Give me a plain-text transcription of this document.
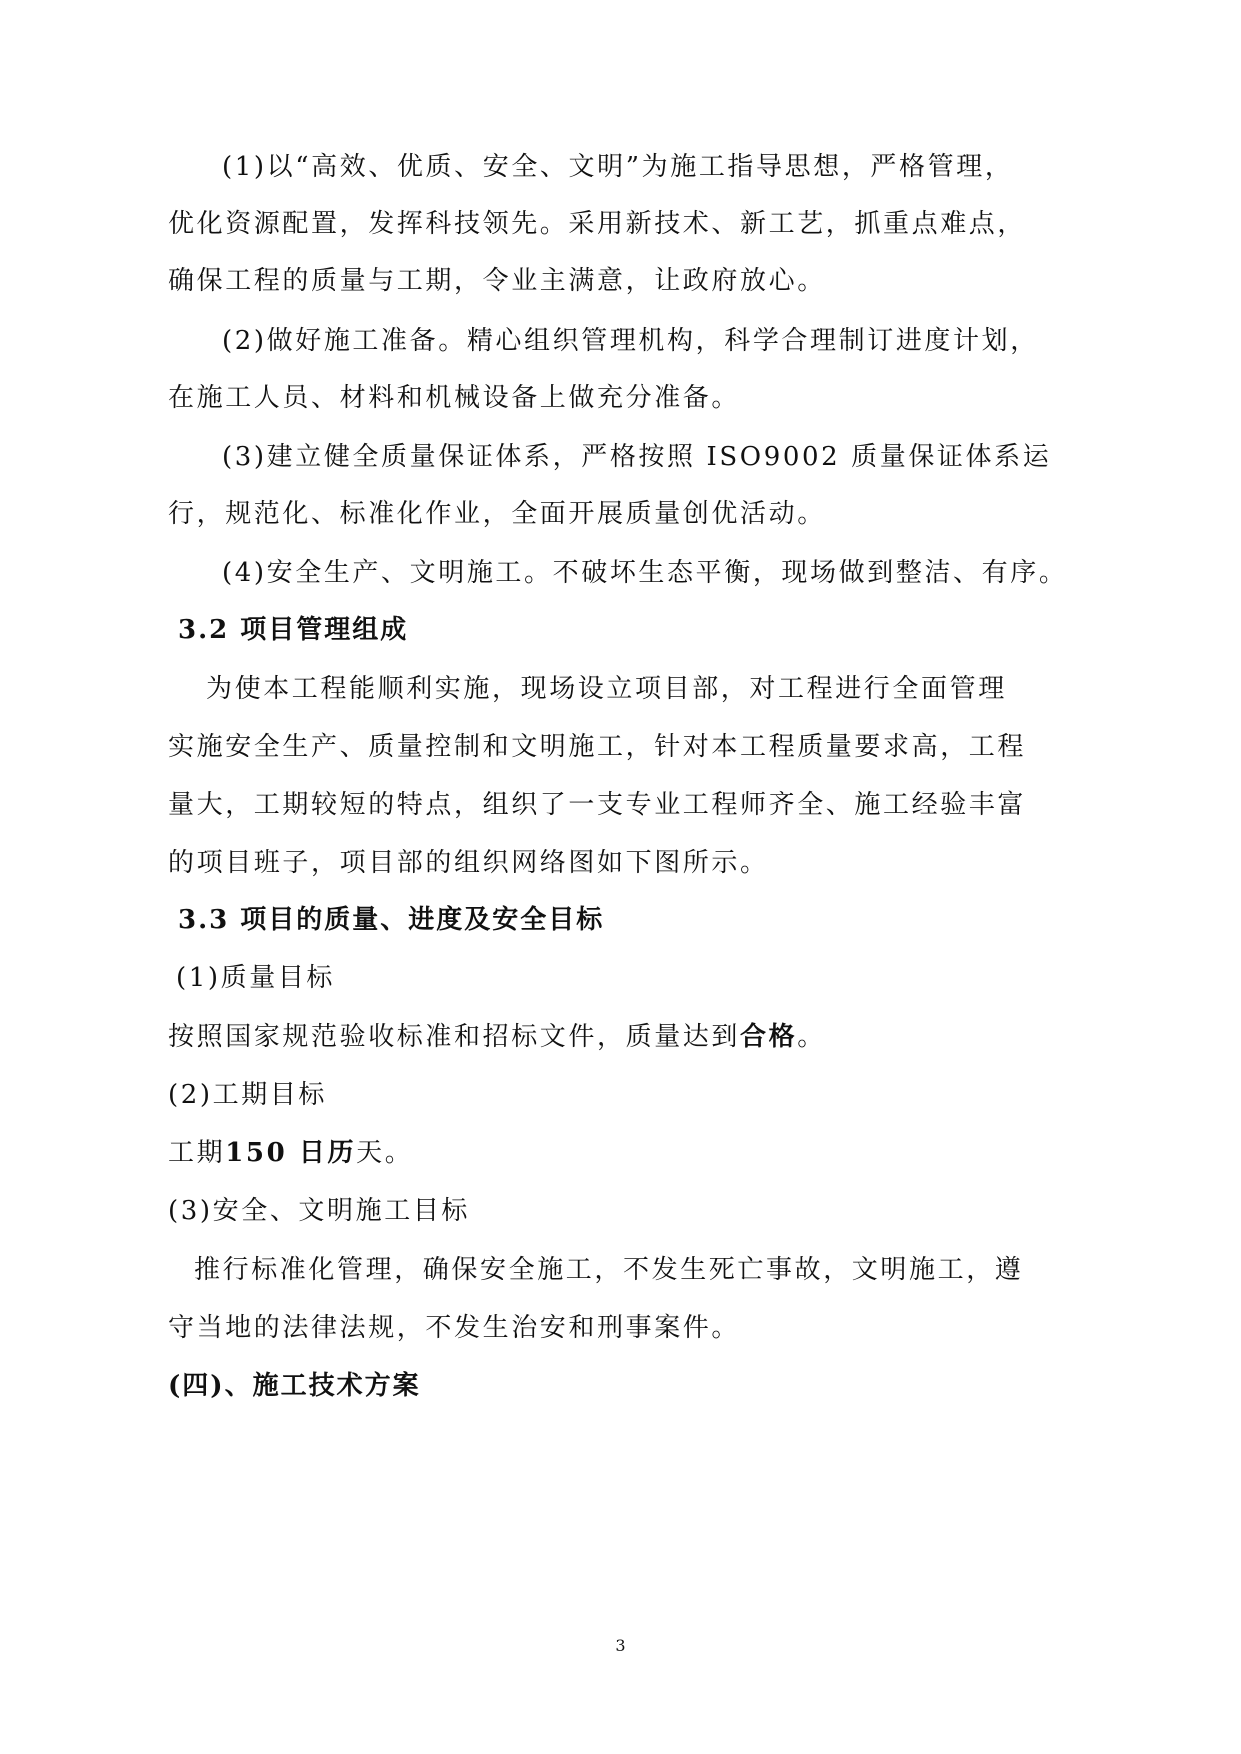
(1)以“高效、优质、安全、文明”为施工指导思想，严格管理，
优化资源配置，发挥科技领先。采用新技术、新工艺，抓重点难点，
确保工程的质量与工期，令业主满意，让政府放心。
(2)做好施工准备。精心组织管理机构，科学合理制订进度计划，
在施工人员、材料和机械设备上做充分准备。
(3)建立健全质量保证体系，严格按照 ISO9002 质量保证体系运
行，规范化、标准化作业，全面开展质量创优活动。
(4)安全生产、文明施工。不破坏生态平衡，现场做到整洁、有序。
3.2 项目管理组成
为使本工程能顺利实施，现场设立项目部，对工程进行全面管理
实施安全生产、质量控制和文明施工，针对本工程质量要求高，工程
量大，工期较短的特点，组织了一支专业工程师齐全、施工经验丰富
的项目班子，项目部的组织网络图如下图所示。
3.3 项目的质量、进度及安全目标
(1)质量目标
按照国家规范验收标准和招标文件，质量达到合格。
(2)工期目标
工期150 日历天。
(3)安全、文明施工目标
推行标准化管理，确保安全施工，不发生死亡事故，文明施工，遵
守当地的法律法规，不发生治安和刑事案件。
(四)、施工技术方案
3
